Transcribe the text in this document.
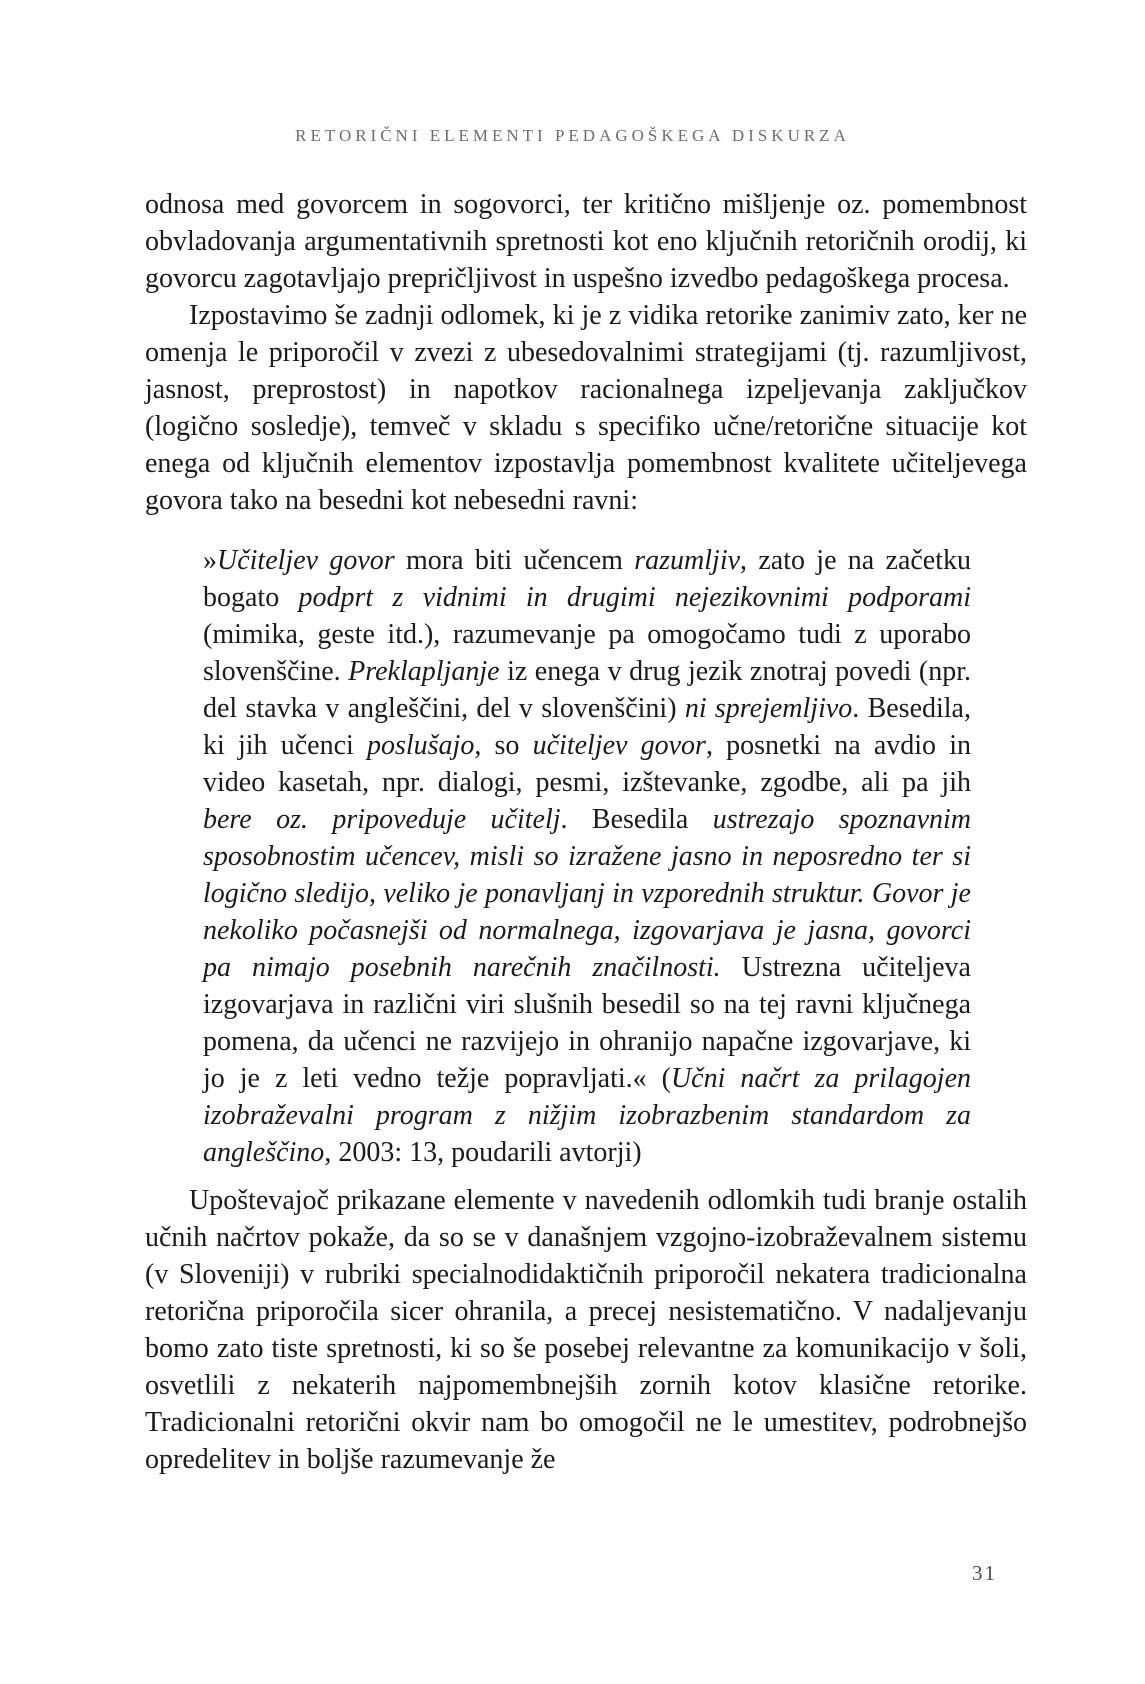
RETORIČNI ELEMENTI PEDAGOŠKEGA DISKURZA

odnosa med govorcem in sogovorci, ter kritično mišljenje oz. pomembnost obvladovanja argumentativnih spretnosti kot eno ključnih retoričnih orodij, ki govorcu zagotavljajo prepričljivost in uspešno izvedbo pedagoškega procesa.

Izpostavimo še zadnji odlomek, ki je z vidika retorike zanimiv zato, ker ne omenja le priporočil v zvezi z ubesedovalnimi strategijami (tj. razumljivost, jasnost, preprostost) in napotkov racionalnega izpeljevanja zaključkov (logično sosledje), temveč v skladu s specifiko učne/retorične situacije kot enega od ključnih elementov izpostavlja pomembnost kvalitete učiteljevega govora tako na besedni kot nebesedni ravni:

»Učiteljev govor mora biti učencem razumljiv, zato je na začetku bogato podprt z vidnimi in drugimi nejezikovnimi podporami (mimika, geste itd.), razumevanje pa omogočamo tudi z uporabo slovenščine. Preklapljanje iz enega v drug jezik znotraj povedi (npr. del stavka v angleščini, del v slovenščini) ni sprejemljivo. Besedila, ki jih učenci poslušajo, so učiteljev govor, posnetki na avdio in video kasetah, npr. dialogi, pesmi, izštevanke, zgodbe, ali pa jih bere oz. pripoveduje učitelj. Besedila ustrezajo spoznavnim sposobnostim učencev, misli so izražene jasno in neposredno ter si logično sledijo, veliko je ponavljanj in vzporednih struktur. Govor je nekoliko počasnejši od normalnega, izgovarjava je jasna, govorci pa nimajo posebnih narečnih značilnosti. Ustrezna učiteljeva izgovarjava in različni viri slušnih besedil so na tej ravni ključnega pomena, da učenci ne razvijejo in ohranijo napačne izgovarjave, ki jo je z leti vedno težje popravljati.« (Učni načrt za prilagojen izobraževalni program z nižjim izobrazbenim standardom za angleščino, 2003: 13, poudarili avtorji)

Upoštevajoč prikazane elemente v navedenih odlomkih tudi branje ostalih učnih načrtov pokaže, da so se v današnjem vzgojno-izobraževalnem sistemu (v Sloveniji) v rubriki specialnodidaktičnih priporočil nekatera tradicionalna retorična priporočila sicer ohranila, a precej nesistematično. V nadaljevanju bomo zato tiste spretnosti, ki so še posebej relevantne za komunikacijo v šoli, osvetlili z nekaterih najpomembnejših zornih kotov klasične retorike. Tradicionalni retorični okvir nam bo omogočil ne le umestitev, podrobnejšo opredelitev in boljše razumevanje že

31
